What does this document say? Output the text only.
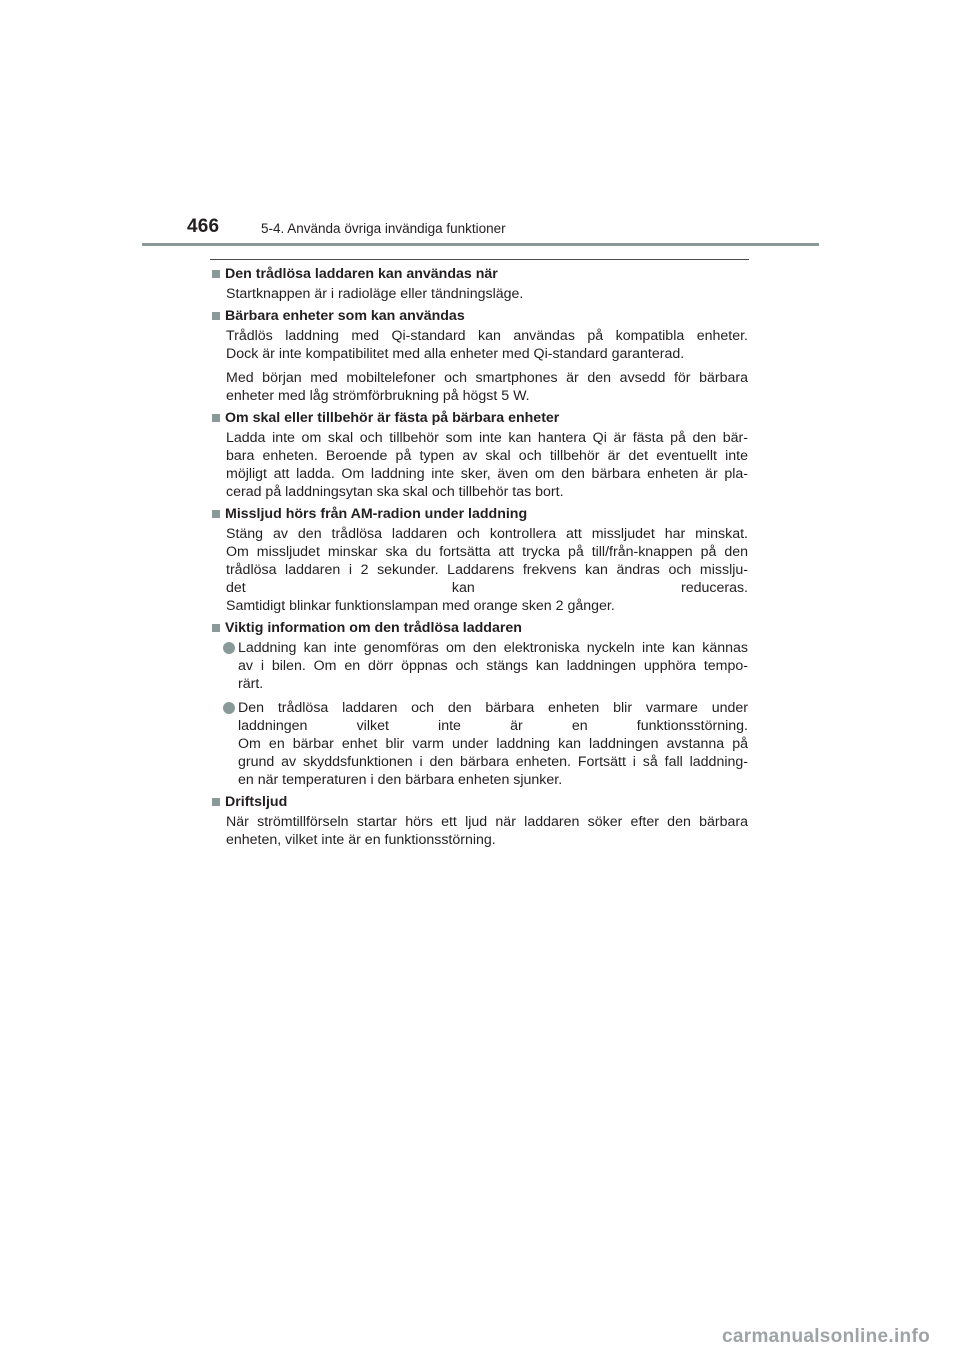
466	5-4. Använda övriga invändiga funktioner
Den trådlösa laddaren kan användas när
Startknappen är i radioläge eller tändningsläge.
Bärbara enheter som kan användas
Trådlös laddning med Qi-standard kan användas på kompatibla enheter.
Dock är inte kompatibilitet med alla enheter med Qi-standard garanterad.
Med början med mobiltelefoner och smartphones är den avsedd för bärbara
enheter med låg strömförbrukning på högst 5 W.
Om skal eller tillbehör är fästa på bärbara enheter
Ladda inte om skal och tillbehör som inte kan hantera Qi är fästa på den bär-
bara enheten. Beroende på typen av skal och tillbehör är det eventuellt inte
möjligt att ladda. Om laddning inte sker, även om den bärbara enheten är pla-
cerad på laddningsytan ska skal och tillbehör tas bort.
Missljud hörs från AM-radion under laddning
Stäng av den trådlösa laddaren och kontrollera att missljudet har minskat.
Om missljudet minskar ska du fortsätta att trycka på till/från-knappen på den
trådlösa laddaren i 2 sekunder. Laddarens frekvens kan ändras och misslju-
det kan reduceras.
Samtidigt blinkar funktionslampan med orange sken 2 gånger.
Viktig information om den trådlösa laddaren
Laddning kan inte genomföras om den elektroniska nyckeln inte kan kännas
av i bilen. Om en dörr öppnas och stängs kan laddningen upphöra tempo-
rärt.
Den trådlösa laddaren och den bärbara enheten blir varmare under
laddningen vilket inte är en funktionsstörning.
Om en bärbar enhet blir varm under laddning kan laddningen avstanna på
grund av skyddsfunktionen i den bärbara enheten. Fortsätt i så fall laddning-
en när temperaturen i den bärbara enheten sjunker.
Driftsljud
När strömtillförseln startar hörs ett ljud när laddaren söker efter den bärbara
enheten, vilket inte är en funktionsstörning.
carmanualsonline.info
